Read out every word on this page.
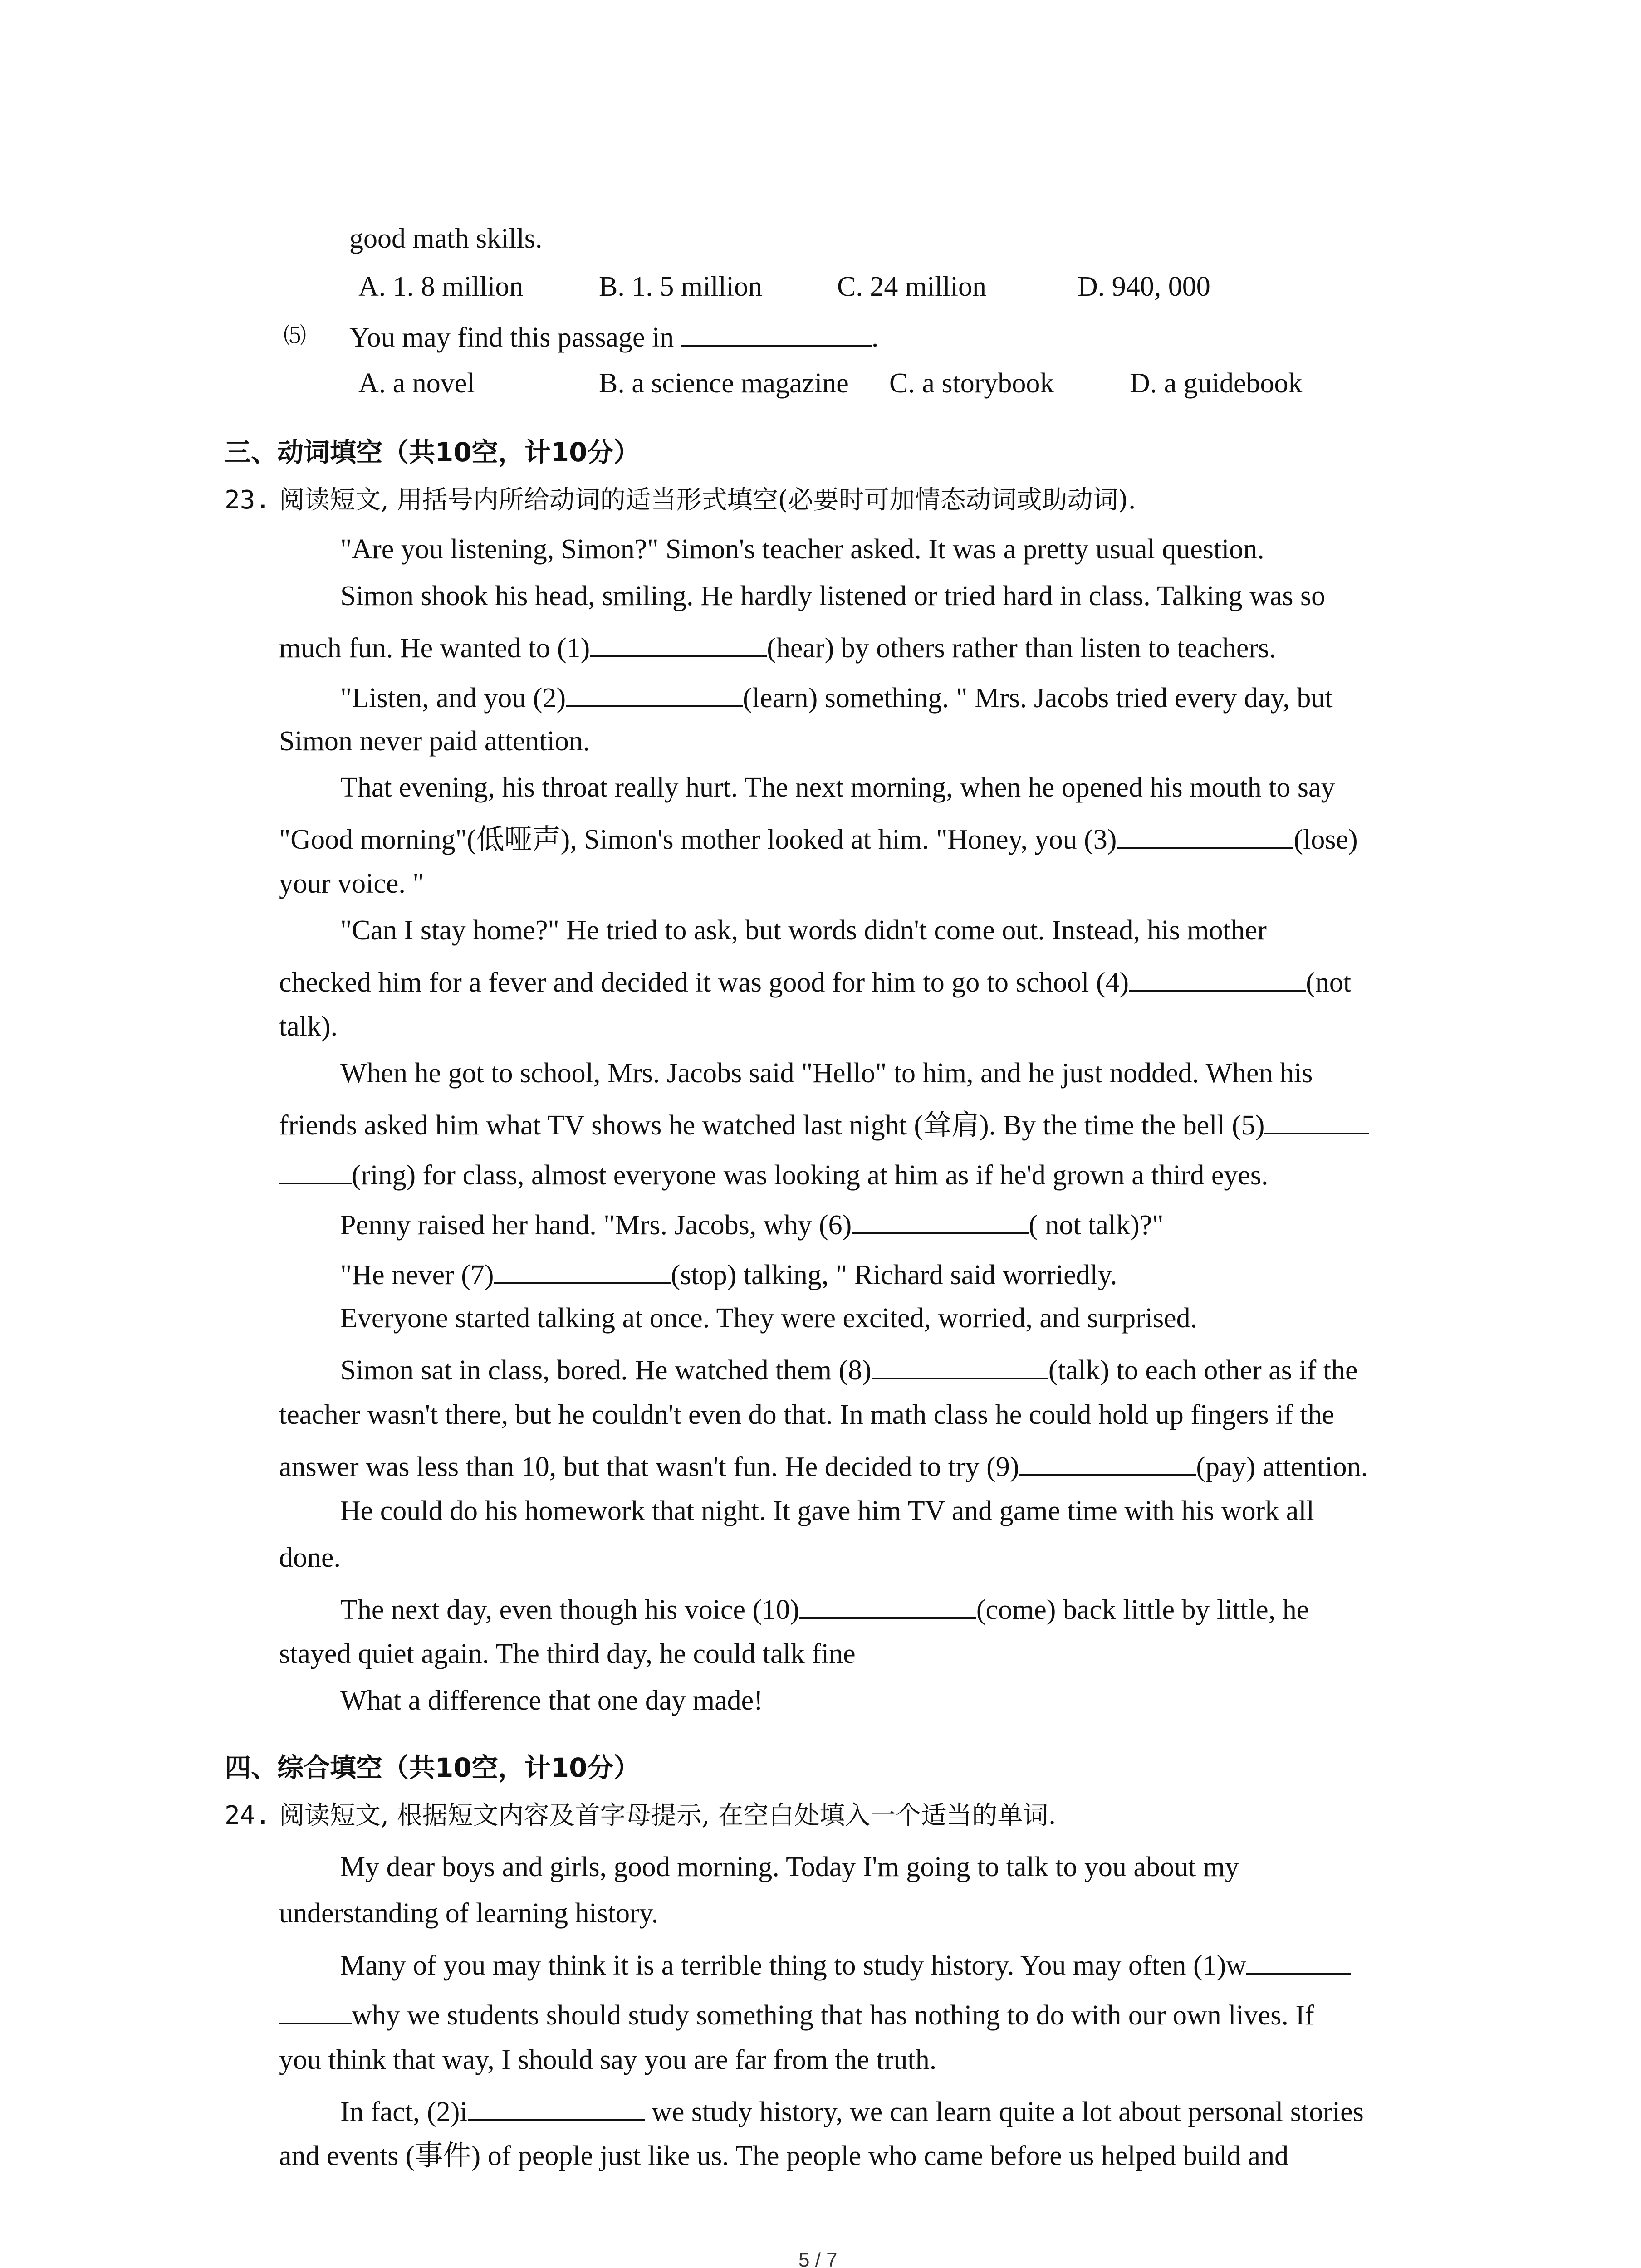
good math skills.
A. 1. 8 million	B. 1. 5 million	C. 24 million	D. 940, 000
⑸ You may find this passage in	.
A. a novel	B. a science magazine C. a storybook	D. a guidebook
三、动词填空（共10空，计10分）
23. 阅读短文, 用括号内所给动词的适当形式填空(必要时可加情态动词或助动词).
"Are you listening, Simon?" Simon's teacher asked. It was a pretty usual question.
Simon shook his head, smiling. He hardly listened or tried hard in class. Talking was so
much fun. He wanted to (1)	(hear) by others rather than listen to teachers.
"Listen, and you (2)	(learn) something. " Mrs. Jacobs tried every day, but
Simon never paid attention.
That evening, his throat really hurt. The next morning, when he opened his mouth to say
"Good morning"(低哑声), Simon's mother looked at him. "Honey, you (3)	(lose)
your voice. "
"Can I stay home?" He tried to ask, but words didn't come out. Instead, his mother
checked him for a fever and decided it was good for him to go to school (4)	(not
talk).
When he got to school, Mrs. Jacobs said "Hello" to him, and he just nodded. When his
friends asked him what TV shows he watched last night (耸肩). By the time the bell (5)
(ring) for class, almost everyone was looking at him as if he'd grown a third eyes.
Penny raised her hand. "Mrs. Jacobs, why (6)	( not talk)?"
"He never (7)	(stop) talking, " Richard said worriedly.
Everyone started talking at once. They were excited, worried, and surprised.
Simon sat in class, bored. He watched them (8)	(talk) to each other as if the
teacher wasn't there, but he couldn't even do that. In math class he could hold up fingers if the
answer was less than 10, but that wasn't fun. He decided to try (9)	(pay) attention.
He could do his homework that night. It gave him TV and game time with his work all
done.
The next day, even though his voice (10)	(come) back little by little, he
stayed quiet again. The third day, he could talk fine
What a difference that one day made!
四、综合填空（共10空，计10分）
24. 阅读短文, 根据短文内容及首字母提示, 在空白处填入一个适当的单词.
My dear boys and girls, good morning. Today I'm going to talk to you about my
understanding of learning history.
Many of you may think it is a terrible thing to study history. You may often (1)w
why we students should study something that has nothing to do with our own lives. If
you think that way, I should say you are far from the truth.
In fact, (2)i	we study history, we can learn quite a lot about personal stories
and events (事件) of people just like us. The people who came before us helped build and
5 / 7
